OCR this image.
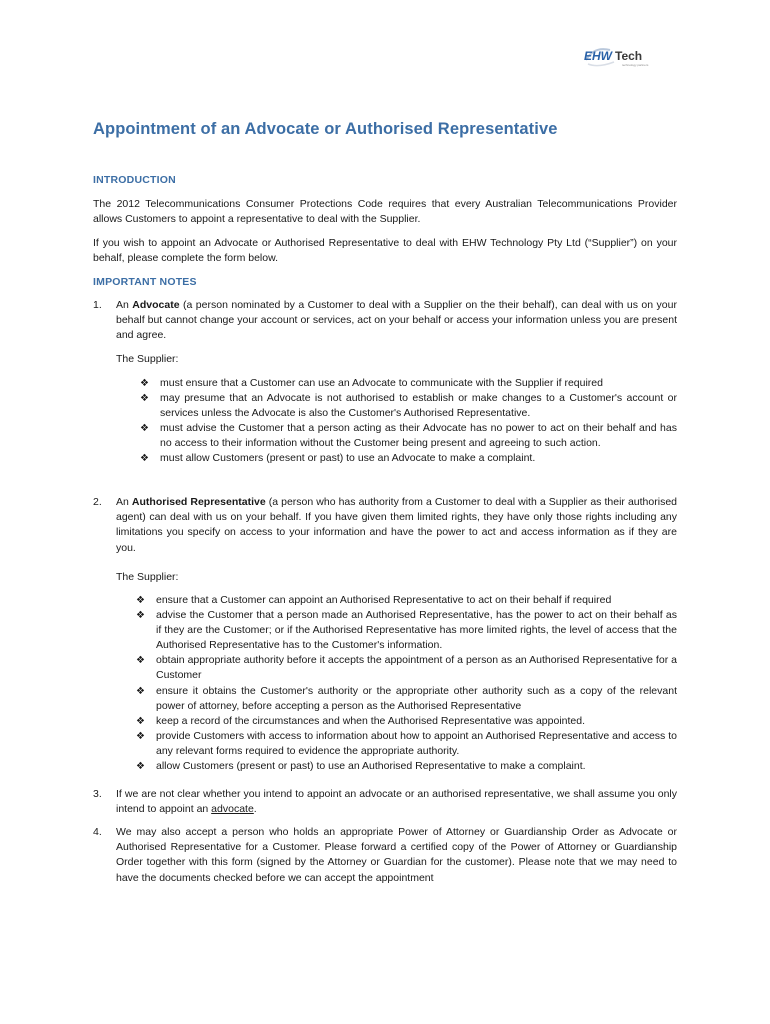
EHW Tech
technology partners
Appointment of an Advocate or Authorised Representative
INTRODUCTION

The 2012 Telecommunications Consumer Protections Code requires that every Australian Telecommunications Provider allows Customers to appoint a representative to deal with the Supplier.

If you wish to appoint an Advocate or Authorised Representative to deal with EHW Technology Pty Ltd (“Supplier”) on your behalf, please complete the form below.

IMPORTANT NOTES
1.	An Advocate (a person nominated by a Customer to deal with a Supplier on the their behalf), can deal with us on your behalf but cannot change your account or services, act on your behalf or access your information unless you are present and agree.
The Supplier:
❖ must ensure that a Customer can use an Advocate to communicate with the Supplier if required
❖ may presume that an Advocate is not authorised to establish or make changes to a Customer's account or services unless the Advocate is also the Customer's Authorised Representative.
❖ must advise the Customer that a person acting as their Advocate has no power to act on their behalf and has no access to their information without the Customer being present and agreeing to such action.
❖ must allow Customers (present or past) to use an Advocate to make a complaint.
2.	An Authorised Representative (a person who has authority from a Customer to deal with a Supplier as their authorised agent) can deal with us on your behalf. If you have given them limited rights, they have only those rights including any limitations you specify on access to your information and have the power to act and access information as if they are you.
The Supplier:
❖ ensure that a Customer can appoint an Authorised Representative to act on their behalf if required
❖ advise the Customer that a person made an Authorised Representative, has the power to act on their behalf as if they are the Customer; or if the Authorised Representative has more limited rights, the level of access that the Authorised Representative has to the Customer's information.
❖ obtain appropriate authority before it accepts the appointment of a person as an Authorised Representative for a Customer
❖ ensure it obtains the Customer's authority or the appropriate other authority such as a copy of the relevant power of attorney, before accepting a person as the Authorised Representative
❖ keep a record of the circumstances and when the Authorised Representative was appointed.
❖ provide Customers with access to information about how to appoint an Authorised Representative and access to any relevant forms required to evidence the appropriate authority.
❖ allow Customers (present or past) to use an Authorised Representative to make a complaint.
3.	If we are not clear whether you intend to appoint an advocate or an authorised representative, we shall assume you only intend to appoint an advocate.
4.	We may also accept a person who holds an appropriate Power of Attorney or Guardianship Order as Advocate or Authorised Representative for a Customer. Please forward a certified copy of the Power of Attorney or Guardianship Order together with this form (signed by the Attorney or Guardian for the customer). Please note that we may need to have the documents checked before we can accept the appointment
